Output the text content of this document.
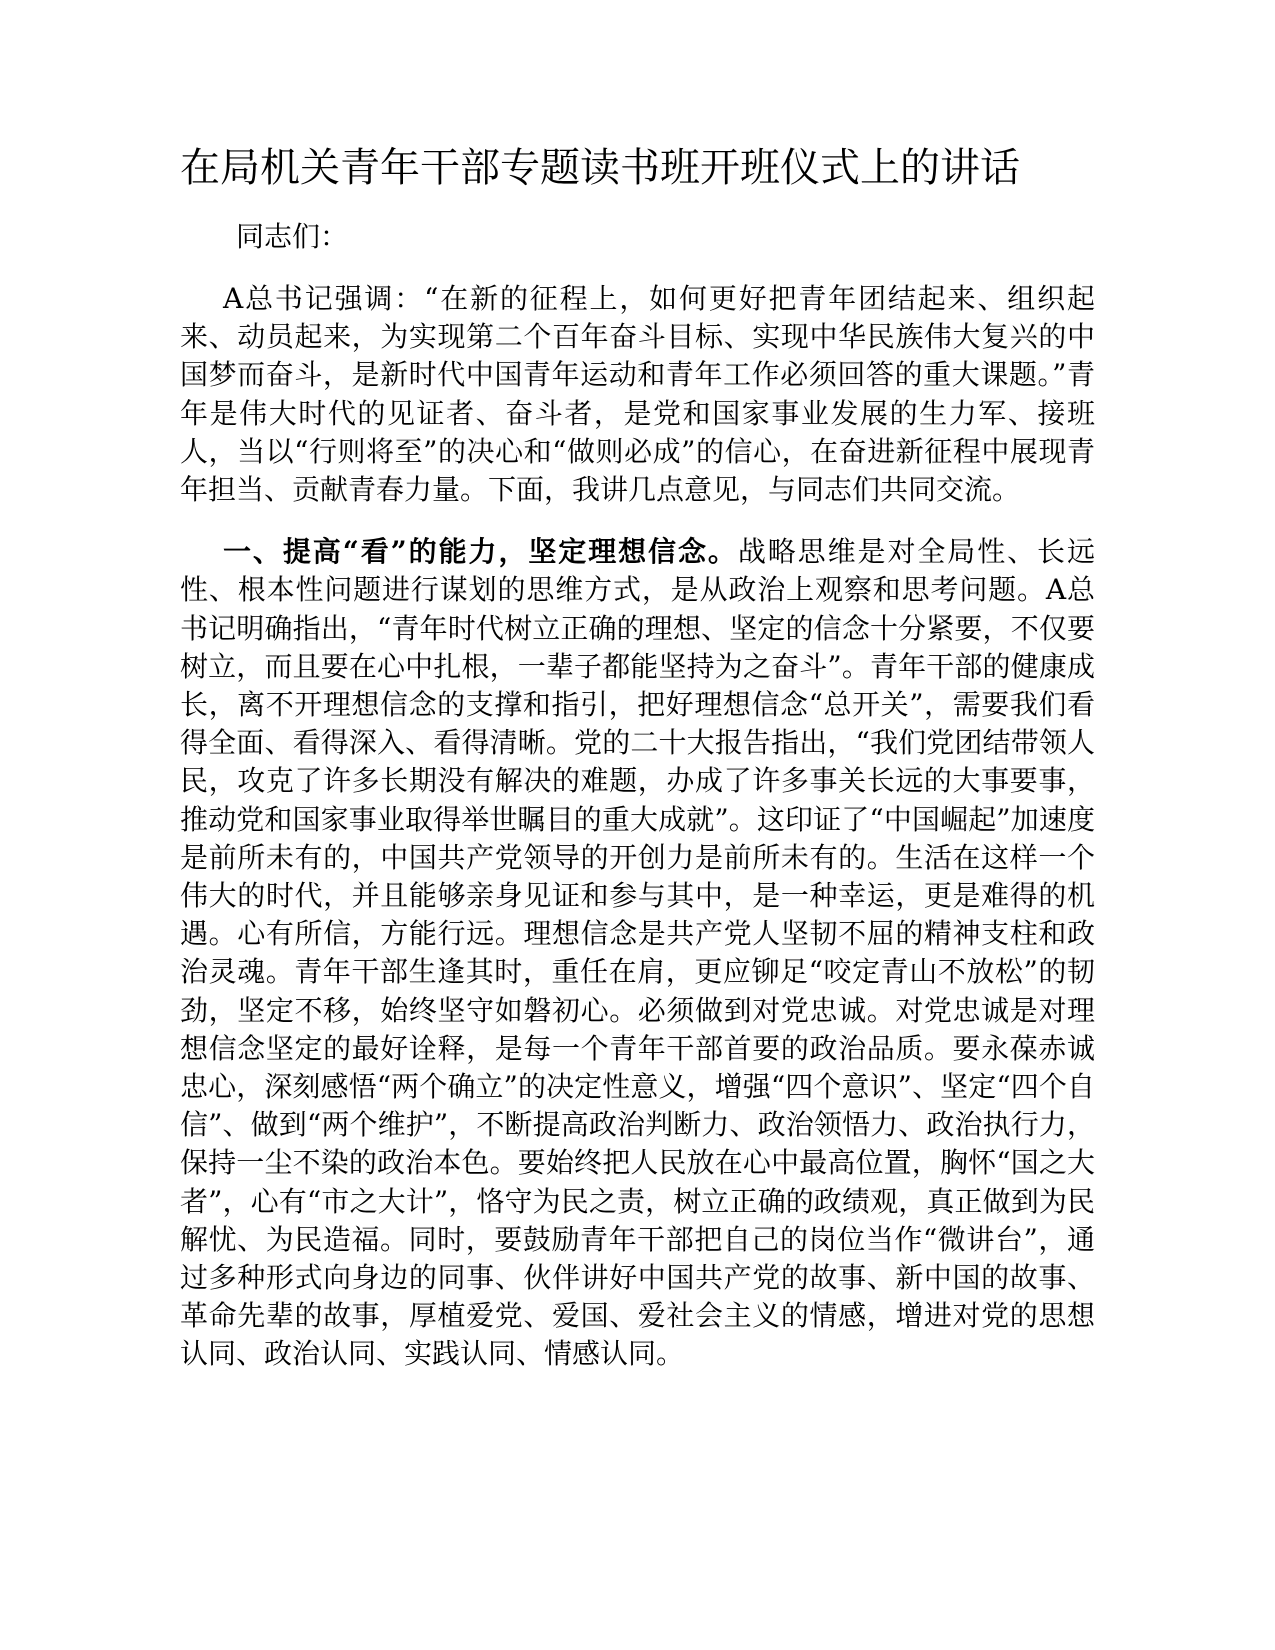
在局机关青年干部专题读书班开班仪式上的讲话

同志们：

A总书记强调：“在新的征程上，如何更好把青年团结起来、组织起来、动员起来，为实现第二个百年奋斗目标、实现中华民族伟大复兴的中国梦而奋斗，是新时代中国青年运动和青年工作必须回答的重大课题。”青年是伟大时代的见证者、奋斗者，是党和国家事业发展的生力军、接班人，当以“行则将至”的决心和“做则必成”的信心，在奋进新征程中展现青年担当、贡献青春力量。下面，我讲几点意见，与同志们共同交流。

一、提高“看”的能力，坚定理想信念。战略思维是对全局性、长远性、根本性问题进行谋划的思维方式，是从政治上观察和思考问题。A总书记明确指出，“青年时代树立正确的理想、坚定的信念十分紧要，不仅要树立，而且要在心中扎根，一辈子都能坚持为之奋斗”。青年干部的健康成长，离不开理想信念的支撑和指引，把好理想信念“总开关”，需要我们看得全面、看得深入、看得清晰。党的二十大报告指出，“我们党团结带领人民，攻克了许多长期没有解决的难题，办成了许多事关长远的大事要事，推动党和国家事业取得举世瞩目的重大成就”。这印证了“中国崛起”加速度是前所未有的，中国共产党领导的开创力是前所未有的。生活在这样一个伟大的时代，并且能够亲身见证和参与其中，是一种幸运，更是难得的机遇。心有所信，方能行远。理想信念是共产党人坚韧不屈的精神支柱和政治灵魂。青年干部生逢其时，重任在肩，更应铆足“咬定青山不放松”的韧劲，坚定不移，始终坚守如磐初心。必须做到对党忠诚。对党忠诚是对理想信念坚定的最好诠释，是每一个青年干部首要的政治品质。要永葆赤诚忠心，深刻感悟“两个确立”的决定性意义，增强“四个意识”、坚定“四个自信”、做到“两个维护”，不断提高政治判断力、政治领悟力、政治执行力，保持一尘不染的政治本色。要始终把人民放在心中最高位置，胸怀“国之大者”，心有“市之大计”，恪守为民之责，树立正确的政绩观，真正做到为民解忧、为民造福。同时，要鼓励青年干部把自己的岗位当作“微讲台”，通过多种形式向身边的同事、伙伴讲好中国共产党的故事、新中国的故事、革命先辈的故事，厚植爱党、爱国、爱社会主义的情感，增进对党的思想认同、政治认同、实践认同、情感认同。
